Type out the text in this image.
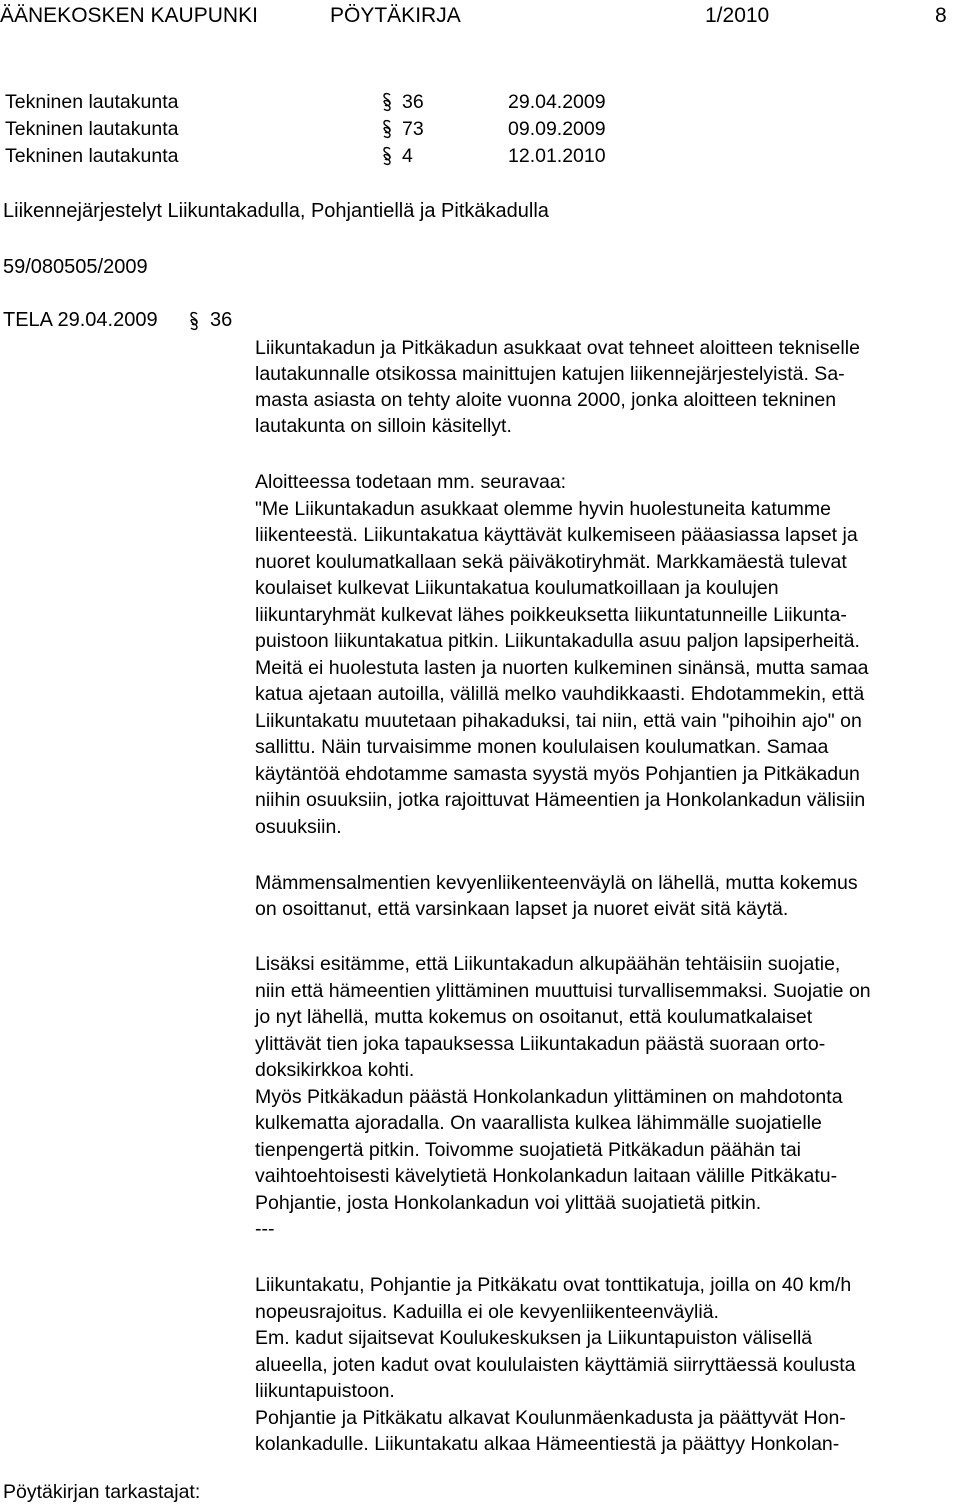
ÄÄNEKOSKEN KAUPUNKI	PÖYTÄKIRJA	1/2010	8
Tekninen lautakunta	36	29.04.2009
Tekninen lautakunta	73	09.09.2009
Tekninen lautakunta	4	12.01.2010
Liikennejärjestelyt Liikuntakadulla, Pohjantiellä ja Pitkäkadulla
59/080505/2009
TELA 29.04.2009	36
Liikuntakadun ja Pitkäkadun asukkaat ovat tehneet aloitteen tekniselle
lautakunnalle otsikossa mainittujen katujen liikennejärjestelyistä. Sa-
masta asiasta on tehty aloite vuonna 2000, jonka aloitteen tekninen
lautakunta on silloin käsitellyt.
Aloitteessa todetaan mm. seuravaa:
"Me Liikuntakadun asukkaat olemme hyvin huolestuneita katumme
liikenteestä. Liikuntakatua käyttävät kulkemiseen pääasiassa lapset ja
nuoret koulumatkallaan sekä päiväkotiryhmät. Markkamäestä tulevat
koulaiset kulkevat Liikuntakatua koulumatkoillaan ja koulujen
liikuntaryhmät kulkevat lähes poikkeuksetta liikuntatunneille Liikunta-
puistoon liikuntakatua pitkin. Liikuntakadulla asuu paljon lapsiperheitä.
Meitä ei huolestuta lasten ja nuorten kulkeminen sinänsä, mutta samaa
katua ajetaan autoilla, välillä melko vauhdikkaasti. Ehdotammekin, että
Liikuntakatu muutetaan pihakaduksi, tai niin, että vain "pihoihin ajo" on
sallittu. Näin turvaisimme monen koululaisen koulumatkan. Samaa
käytäntöä ehdotamme samasta syystä myös Pohjantien ja Pitkäkadun
niihin osuuksiin, jotka rajoittuvat Hämeentien ja Honkolankadun välisiin
osuuksiin.
Mämmensalmentien kevyenliikenteenväylä on lähellä, mutta kokemus
on osoittanut, että varsinkaan lapset ja nuoret eivät sitä käytä.
Lisäksi esitämme, että Liikuntakadun alkupäähän tehtäisiin suojatie,
niin että hämeentien ylittäminen muuttuisi turvallisemmaksi. Suojatie on
jo nyt lähellä, mutta kokemus on osoitanut, että koulumatkalaiset
ylittävät tien joka tapauksessa Liikuntakadun päästä suoraan orto-
doksikirkkoa kohti.
Myös Pitkäkadun päästä Honkolankadun ylittäminen on mahdotonta
kulkematta ajoradalla. On vaarallista kulkea lähimmälle suojatielle
tienpengertä pitkin. Toivomme suojatietä Pitkäkadun päähän tai
vaihtoehtoisesti kävelytietä Honkolankadun laitaan välille Pitkäkatu-
Pohjantie, josta Honkolankadun voi ylittää suojatietä pitkin.
---
Liikuntakatu, Pohjantie ja Pitkäkatu ovat tonttikatuja, joilla on 40 km/h
nopeusrajoitus. Kaduilla ei ole kevyenliikenteenväyliä.
Em. kadut sijaitsevat Koulukeskuksen ja Liikuntapuiston välisellä
alueella, joten kadut ovat koululaisten käyttämiä siirryttäessä koulusta
liikuntapuistoon.
Pohjantie ja Pitkäkatu alkavat Koulunmäenkadusta ja päättyvät Hon-
kolankadulle. Liikuntakatu alkaa Hämeentiestä ja päättyy Honkolan-
Pöytäkirjan tarkastajat:
